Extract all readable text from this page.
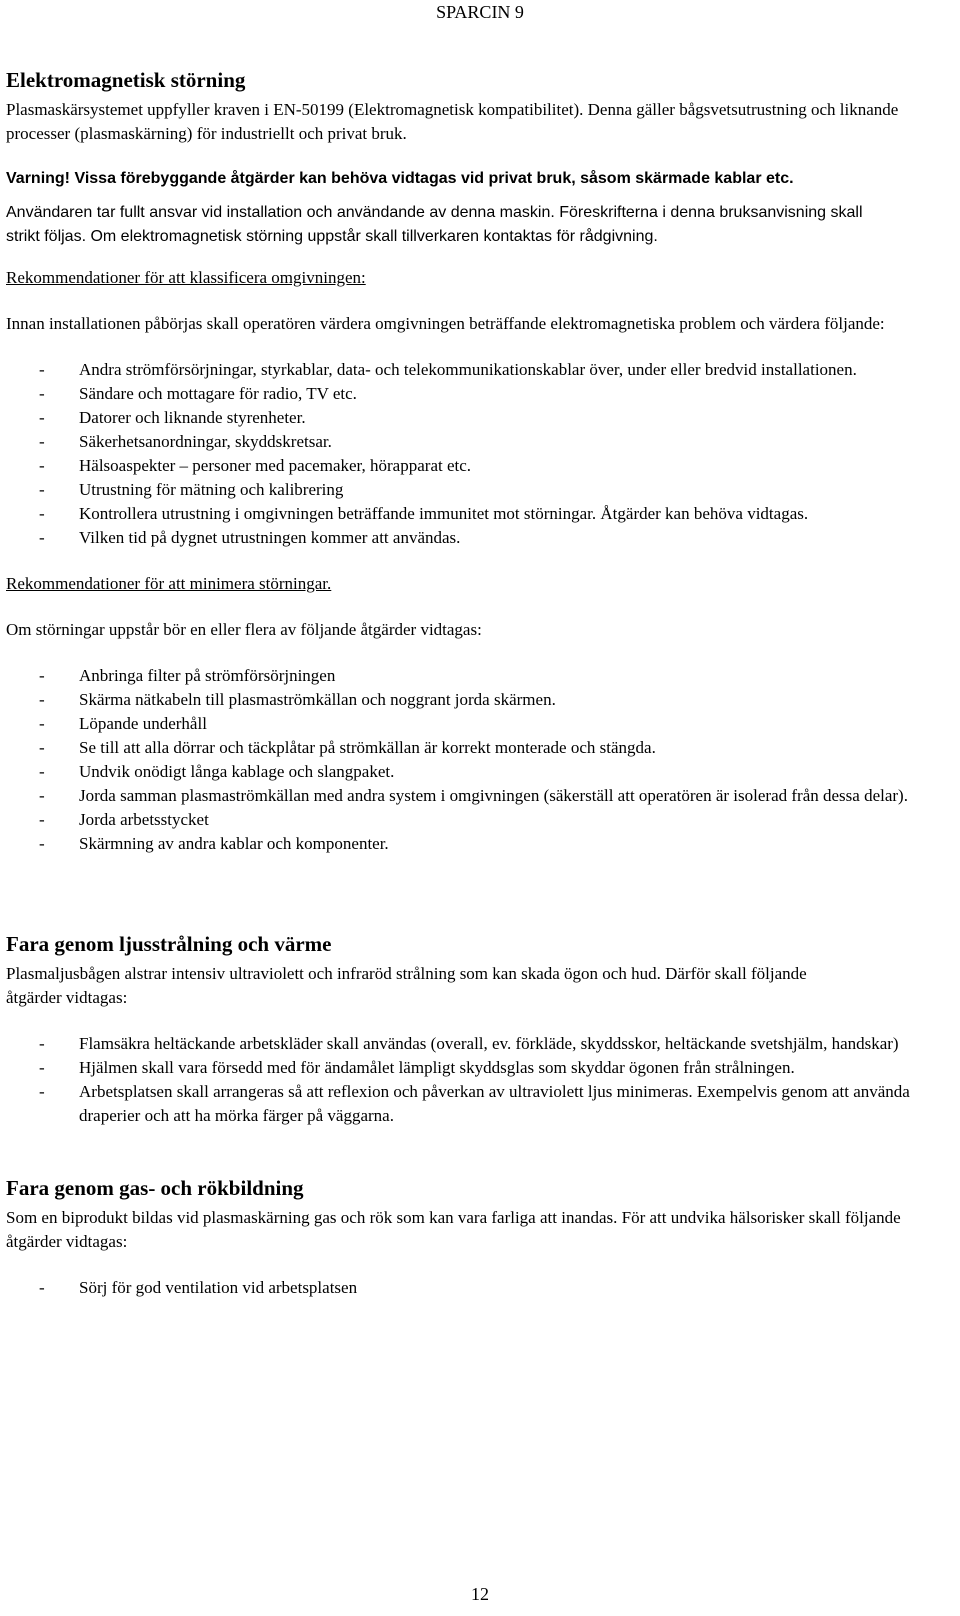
SPARCIN 9
Elektromagnetisk störning

Plasmaskärsystemet uppfyller kraven i EN-50199 (Elektromagnetisk kompatibilitet). Denna gäller bågsvetsutrustning och liknande processer (plasmaskärning) för industriellt och privat bruk.

Varning! Vissa förebyggande åtgärder kan behöva vidtagas vid privat bruk, såsom skärmade kablar etc.

Användaren tar fullt ansvar vid installation och användande av denna maskin. Föreskrifterna i denna bruksanvisning skall strikt följas. Om elektromagnetisk störning uppstår skall tillverkaren kontaktas för rådgivning.

Rekommendationer för att klassificera omgivningen:

Innan installationen påbörjas skall operatören värdera omgivningen beträffande elektromagnetiska problem och värdera följande:

- Andra strömförsörjningar, styrkablar, data- och telekommunikationskablar över, under eller bredvid installationen.
- Sändare och mottagare för radio, TV etc.
- Datorer och liknande styrenheter.
- Säkerhetsanordningar, skyddskretsar.
- Hälsoaspekter – personer med pacemaker, hörapparat etc.
- Utrustning för mätning och kalibrering
- Kontrollera utrustning i omgivningen beträffande immunitet mot störningar. Åtgärder kan behöva vidtagas.
- Vilken tid på dygnet utrustningen kommer att användas.

Rekommendationer för att minimera störningar.

Om störningar uppstår bör en eller flera av följande åtgärder vidtagas:

- Anbringa filter på strömförsörjningen
- Skärma nätkabeln till plasmaströmkällan och noggrant jorda skärmen.
- Löpande underhåll
- Se till att alla dörrar och täckplåtar på strömkällan är korrekt monterade och stängda.
- Undvik onödigt långa kablage och slangpaket.
- Jorda samman plasmaströmkällan med andra system i omgivningen (säkerställ att operatören är isolerad från dessa delar).
- Jorda arbetsstycket
- Skärmning av andra kablar och komponenter.
Fara genom ljusstrålning och värme

Plasmaljusbågen alstrar intensiv ultraviolett och infraröd strålning som kan skada ögon och hud. Därför skall följande åtgärder vidtagas:

- Flamsäkra heltäckande arbetskläder skall användas (overall, ev. förkläde, skyddsskor, heltäckande svetshjälm, handskar)
- Hjälmen skall vara försedd med för ändamålet lämpligt skyddsglas som skyddar ögonen från strålningen.
- Arbetsplatsen skall arrangeras så att reflexion och påverkan av ultraviolett ljus minimeras. Exempelvis genom att använda draperier och att ha mörka färger på väggarna.
Fara genom gas- och rökbildning

Som en biprodukt bildas vid plasmaskärning gas och rök som kan vara farliga att inandas. För att undvika hälsorisker skall följande åtgärder vidtagas:

- Sörj för god ventilation vid arbetsplatsen
12
